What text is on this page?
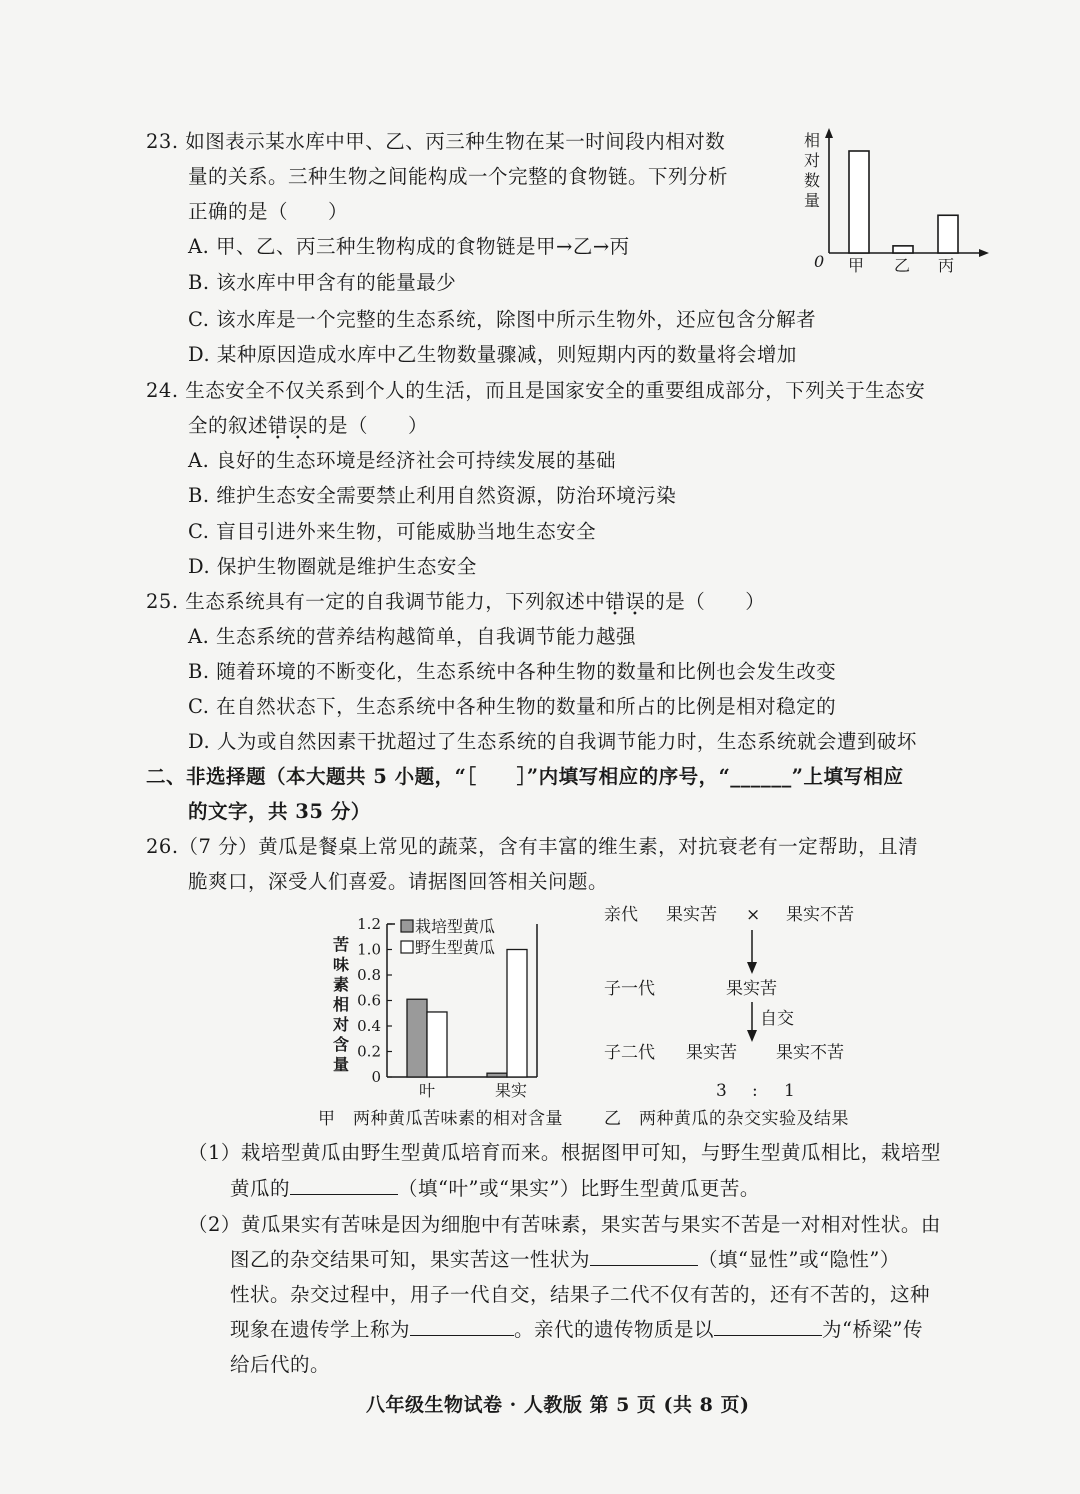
23. 如图表示某水库中甲、乙、丙三种生物在某一时间段内相对数
量的关系。三种生物之间能构成一个完整的食物链。下列分析
正确的是（　　）
A. 甲、乙、丙三种生物构成的食物链是甲→乙→丙
B. 该水库中甲含有的能量最少
C. 该水库是一个完整的生态系统，除图中所示生物外，还应包含分解者
D. 某种原因造成水库中乙生物数量骤减，则短期内丙的数量将会增加
相
对
数
量
0 甲 乙 丙
24. 生态安全不仅关系到个人的生活，而且是国家安全的重要组成部分，下列关于生态安
全的叙述错误的是（　　）
A. 良好的生态环境是经济社会可持续发展的基础
B. 维护生态安全需要禁止利用自然资源，防治环境污染
C. 盲目引进外来生物，可能威胁当地生态安全
D. 保护生物圈就是维护生态安全
25. 生态系统具有一定的自我调节能力，下列叙述中错误的是（　　）
A. 生态系统的营养结构越简单，自我调节能力越强
B. 随着环境的不断变化，生态系统中各种生物的数量和比例也会发生改变
C. 在自然状态下，生态系统中各种生物的数量和所占的比例是相对稳定的
D. 人为或自然因素干扰超过了生态系统的自我调节能力时，生态系统就会遭到破坏
二、非选择题（本大题共 5 小题，“［　　］”内填写相应的序号，“______”上填写相应
的文字，共 35 分）
26.（7 分）黄瓜是餐桌上常见的蔬菜，含有丰富的维生素，对抗衰老有一定帮助，且清
脆爽口，深受人们喜爱。请据图回答相关问题。
苦
味
素
相
对
含
量
1.2
1.0
0.8
0.6
0.4
0.2
0
栽培型黄瓜
野生型黄瓜
叶	果实
甲　两种黄瓜苦味素的相对含量
亲代 果实苦 × 果实不苦
子一代	果实苦
自交
子二代 果实苦 果实不苦
3 : 1
乙　两种黄瓜的杂交实验及结果
（1）栽培型黄瓜由野生型黄瓜培育而来。根据图甲可知，与野生型黄瓜相比，栽培型
黄瓜的	（填“叶”或“果实”）比野生型黄瓜更苦。
（2）黄瓜果实有苦味是因为细胞中有苦味素，果实苦与果实不苦是一对相对性状。由
图乙的杂交结果可知，果实苦这一性状为	（填“显性”或“隐性”）
性状。杂交过程中，用子一代自交，结果子二代不仅有苦的，还有不苦的，这种
现象在遗传学上称为	。亲代的遗传物质是以	为“桥梁”传
给后代的。
八年级生物试卷 · 人教版 第 5 页 (共 8 页)
